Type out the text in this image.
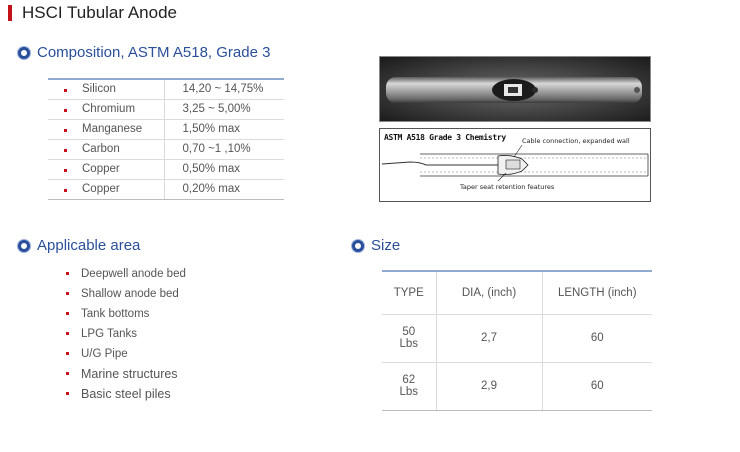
HSCI Tubular Anode
Composition, ASTM A518, Grade 3
Silicon	14,20 ~ 14,75%

Chromium	3,25 ~ 5,00%

Manganese	1,50% max

Carbon	0,70 ~1 ,10%

Copper	0,50% max

Copper	0,20% max
ASTM A518 Grade 3 Chemistry Cable connection, expanded wall
Taper seat retention features
Applicable area
Deepwell anode bed
Shallow anode bed
Tank bottoms
LPG Tanks
U/G Pipe
Marine structures
Basic steel piles
Size
TYPE	DIA, (inch)	LENGTH (inch)
50
Lbs	2,7	60
62
Lbs	2,9	60
